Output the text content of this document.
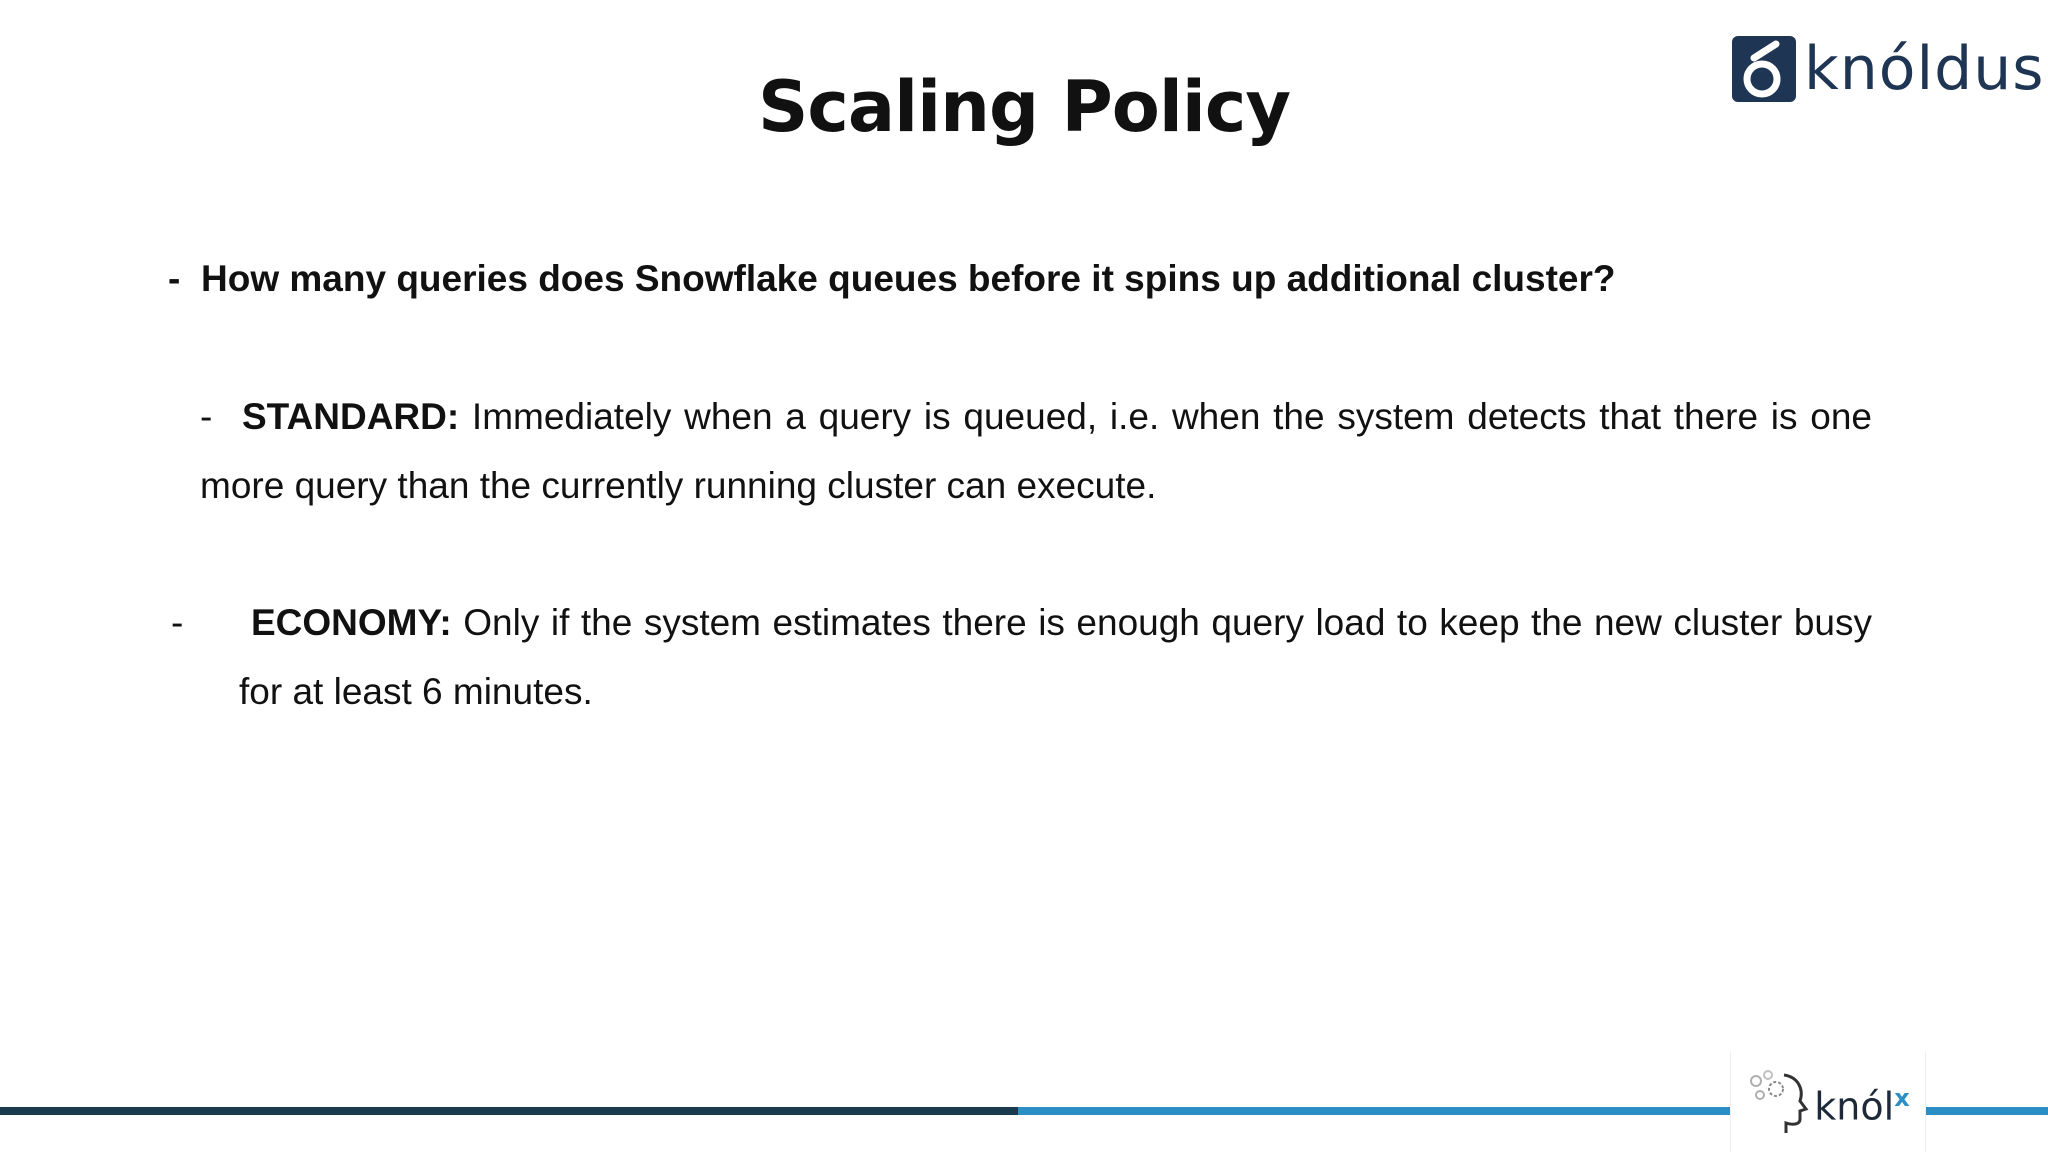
Scaling Policy	knóldus
- How many queries does Snowflake queues before it spins up additional cluster?
- STANDARD: Immediately when a query is queued, i.e. when the system detects that there is one more query than the currently running cluster can execute.
- ECONOMY: Only if the system estimates there is enough query load to keep the new cluster busy for at least 6 minutes.
knól$^x$
